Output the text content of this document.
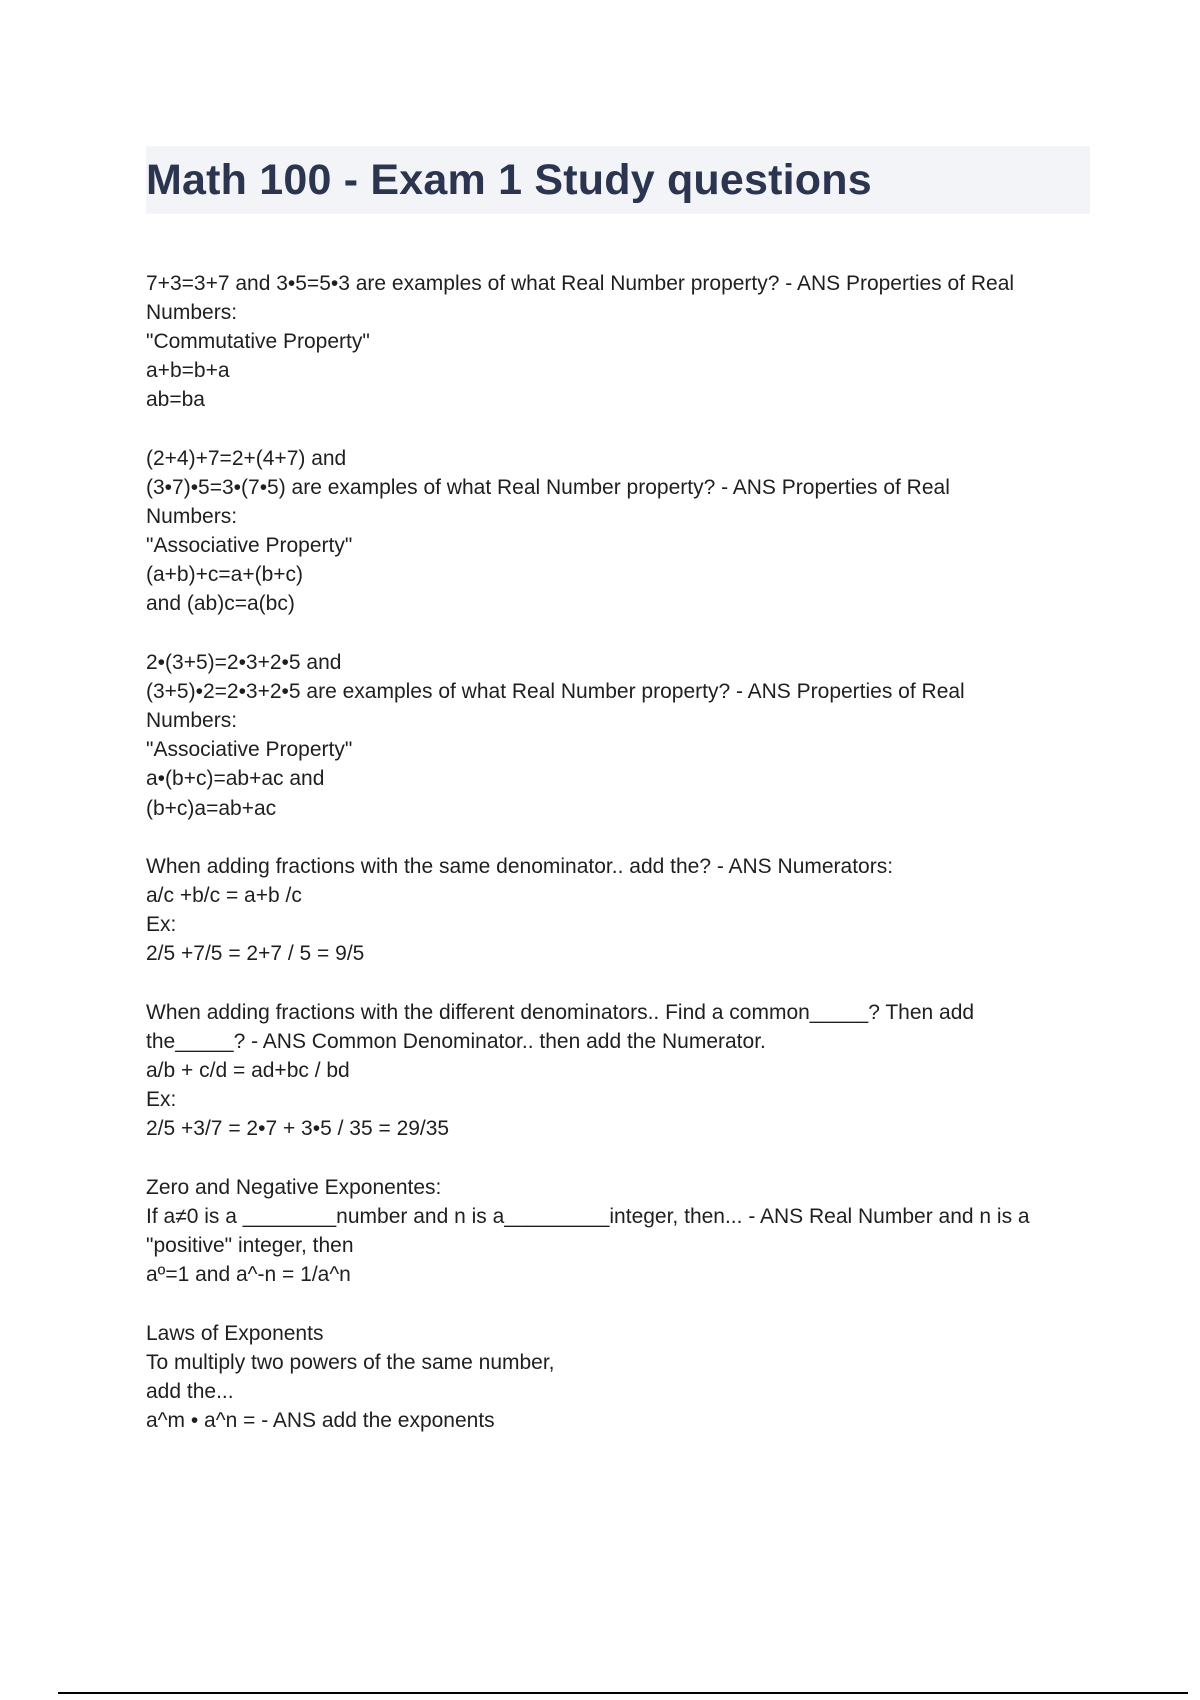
Math 100 - Exam 1 Study questions
7+3=3+7 and 3•5=5•3 are examples of what Real Number property? - ANS Properties of Real
Numbers:
"Commutative Property"
a+b=b+a
ab=ba
(2+4)+7=2+(4+7) and
(3•7)•5=3•(7•5) are examples of what Real Number property? - ANS Properties of Real
Numbers:
"Associative Property"
(a+b)+c=a+(b+c)
and (ab)c=a(bc)
2•(3+5)=2•3+2•5 and
(3+5)•2=2•3+2•5 are examples of what Real Number property? - ANS Properties of Real
Numbers:
"Associative Property"
a•(b+c)=ab+ac and
(b+c)a=ab+ac
When adding fractions with the same denominator.. add the? - ANS Numerators:
a/c +b/c = a+b /c
Ex:
2/5 +7/5 = 2+7 / 5 = 9/5
When adding fractions with the different denominators.. Find a common_____? Then add
the_____? - ANS Common Denominator.. then add the Numerator.
a/b + c/d = ad+bc / bd
Ex:
2/5 +3/7 = 2•7 + 3•5 / 35 = 29/35
Zero and Negative Exponentes:
If a≠0 is a ________number and n is a_________integer, then... - ANS Real Number and n is a
"positive" integer, then
aº=1 and a^-n = 1/a^n
Laws of Exponents
To multiply two powers of the same number,
add the...
a^m • a^n = - ANS add the exponents
